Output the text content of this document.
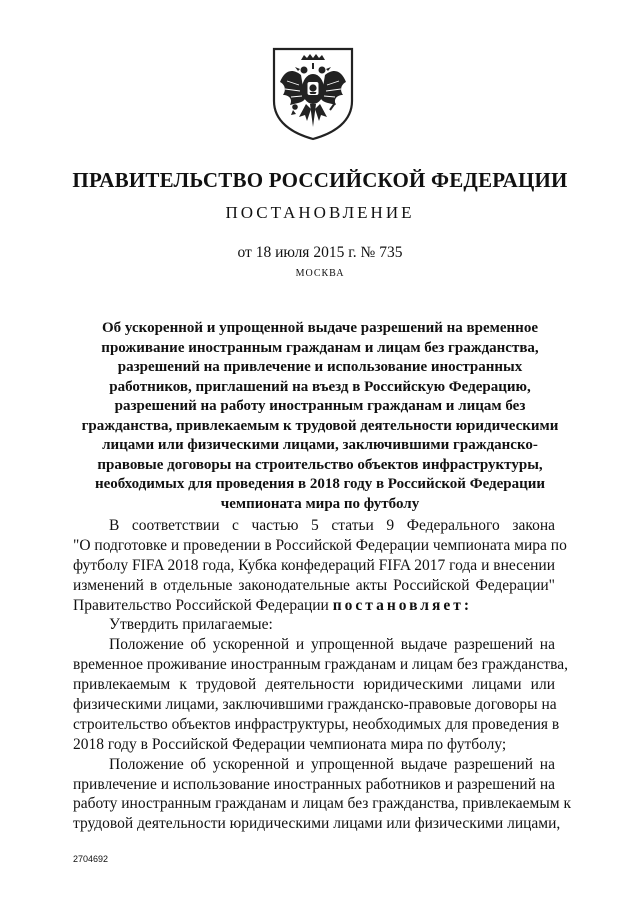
ПРАВИТЕЛЬСТВО РОССИЙСКОЙ ФЕДЕРАЦИИ
ПОСТАНОВЛЕНИЕ
от 18 июля 2015 г. № 735
МОСКВА
Об ускоренной и упрощенной выдаче разрешений на временное
проживание иностранным гражданам и лицам без гражданства,
разрешений на привлечение и использование иностранных
работников, приглашений на въезд в Российскую Федерацию,
разрешений на работу иностранным гражданам и лицам без
гражданства, привлекаемым к трудовой деятельности юридическими
лицами или физическими лицами, заключившими гражданско-
правовые договоры на строительство объектов инфраструктуры,
необходимых для проведения в 2018 году в Российской Федерации
чемпионата мира по футболу
В соответствии с частью 5 статьи 9 Федерального закона
"О подготовке и проведении в Российской Федерации чемпионата мира по
футболу FIFA 2018 года, Кубка конфедераций FIFA 2017 года и внесении
изменений в отдельные законодательные акты Российской Федерации"
Правительство Российской Федерации постановляет:
Утвердить прилагаемые:
Положение об ускоренной и упрощенной выдаче разрешений на
временное проживание иностранным гражданам и лицам без гражданства,
привлекаемым к трудовой деятельности юридическими лицами или
физическими лицами, заключившими гражданско-правовые договоры на
строительство объектов инфраструктуры, необходимых для проведения в
2018 году в Российской Федерации чемпионата мира по футболу;
Положение об ускоренной и упрощенной выдаче разрешений на
привлечение и использование иностранных работников и разрешений на
работу иностранным гражданам и лицам без гражданства, привлекаемым к
трудовой деятельности юридическими лицами или физическими лицами,
2704692
